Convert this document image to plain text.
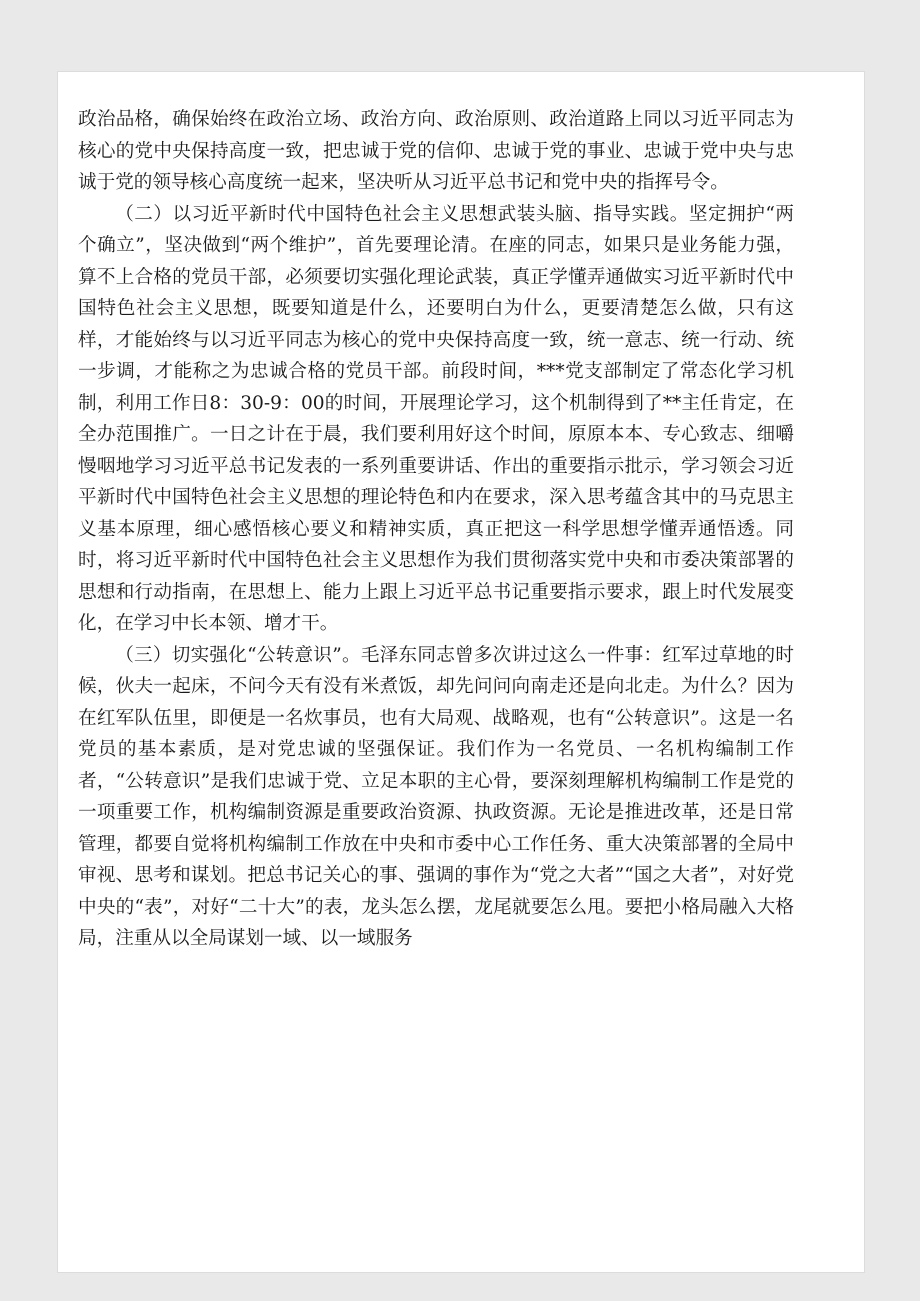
政治品格，确保始终在政治立场、政治方向、政治原则、政治道路上同以习近平同志为核心的党中央保持高度一致，把忠诚于党的信仰、忠诚于党的事业、忠诚于党中央与忠诚于党的领导核心高度统一起来，坚决听从习近平总书记和党中央的指挥号令。

（二）以习近平新时代中国特色社会主义思想武装头脑、指导实践。坚定拥护“两个确立”，坚决做到“两个维护”，首先要理论清。在座的同志，如果只是业务能力强，算不上合格的党员干部，必须要切实强化理论武装，真正学懂弄通做实习近平新时代中国特色社会主义思想，既要知道是什么，还要明白为什么，更要清楚怎么做，只有这样，才能始终与以习近平同志为核心的党中央保持高度一致，统一意志、统一行动、统一步调，才能称之为忠诚合格的党员干部。前段时间，***党支部制定了常态化学习机制，利用工作日8：30-9：00的时间，开展理论学习，这个机制得到了**主任肯定，在全办范围推广。一日之计在于晨，我们要利用好这个时间，原原本本、专心致志、细嚼慢咽地学习习近平总书记发表的一系列重要讲话、作出的重要指示批示，学习领会习近平新时代中国特色社会主义思想的理论特色和内在要求，深入思考蕴含其中的马克思主义基本原理，细心感悟核心要义和精神实质，真正把这一科学思想学懂弄通悟透。同时，将习近平新时代中国特色社会主义思想作为我们贯彻落实党中央和市委决策部署的思想和行动指南，在思想上、能力上跟上习近平总书记重要指示要求，跟上时代发展变化，在学习中长本领、增才干。

（三）切实强化“公转意识”。毛泽东同志曾多次讲过这么一件事：红军过草地的时候，伙夫一起床，不问今天有没有米煮饭，却先问问向南走还是向北走。为什么？因为在红军队伍里，即便是一名炊事员，也有大局观、战略观，也有“公转意识”。这是一名党员的基本素质，是对党忠诚的坚强保证。我们作为一名党员、一名机构编制工作者，“公转意识”是我们忠诚于党、立足本职的主心骨，要深刻理解机构编制工作是党的一项重要工作，机构编制资源是重要政治资源、执政资源。无论是推进改革，还是日常管理，都要自觉将机构编制工作放在中央和市委中心工作任务、重大决策部署的全局中审视、思考和谋划。把总书记关心的事、强调的事作为“党之大者”“国之大者”，对好党中央的“表”，对好“二十大”的表，龙头怎么摆，龙尾就要怎么甩。要把小格局融入大格局，注重从以全局谋划一域、以一域服务
